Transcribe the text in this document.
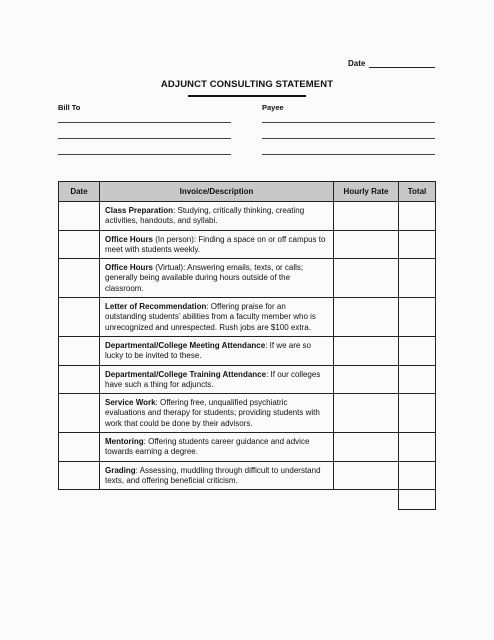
Date
ADJUNCT CONSULTING STATEMENT
Bill To	Payee
Date	Invoice/Description	Hourly Rate	Total
	Class Preparation: Studying, critically thinking, creating activities, handouts, and syllabi.		
	Office Hours (In person): Finding a space on or off campus to meet with students weekly.		
	Office Hours (Virtual): Answering emails, texts, or calls; generally being available during hours outside of the classroom.		
	Letter of Recommendation: Offering praise for an outstanding students’ abilities from a faculty member who is unrecognized and unrespected. Rush jobs are $100 extra.		
	Departmental/College Meeting Attendance: If we are so lucky to be invited to these.		
	Departmental/College Training Attendance: If our colleges have such a thing for adjuncts.		
	Service Work: Offering free, unqualified psychiatric evaluations and therapy for students; providing students with work that could be done by their advisors.		
	Mentoring: Offering students career guidance and advice towards earning a degree.		
	Grading: Assessing, muddling through difficult to understand texts, and offering beneficial criticism.		
